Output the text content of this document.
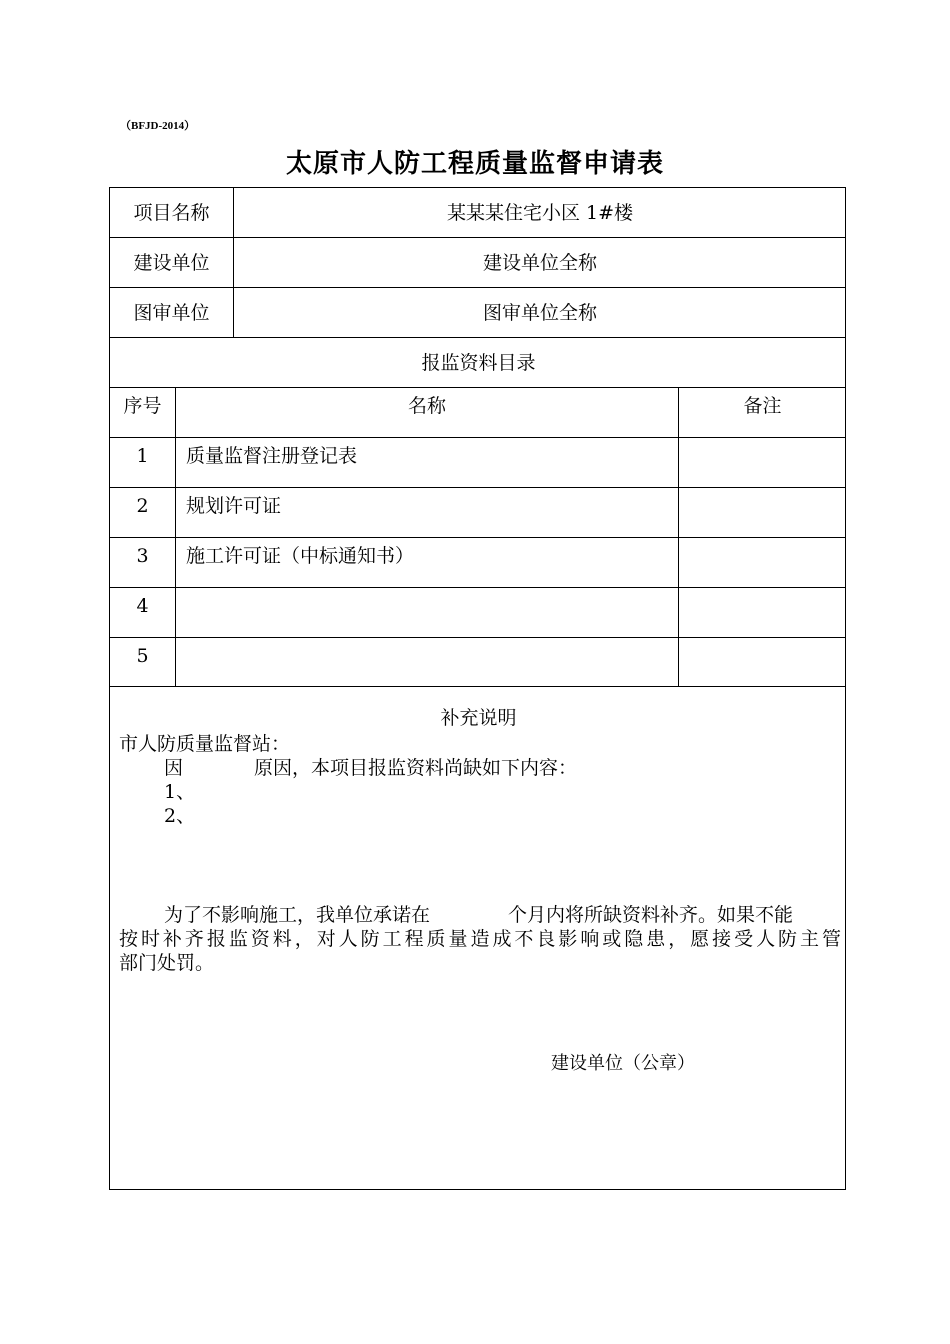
（BFJD-2014）
太原市人防工程质量监督申请表
项目名称	某某某住宅小区 1#楼
建设单位	建设单位全称
图审单位	图审单位全称
报监资料目录
序号	名称	备注
1	质量监督注册登记表
2	规划许可证
3	施工许可证（中标通知书）
4
5
补充说明
市人防质量监督站：
因	原因，本项目报监资料尚缺如下内容：
1、
2、
为了不影响施工，我单位承诺在	个月内将所缺资料补齐。如果不能
按时补齐报监资料，对人防工程质量造成不良影响或隐患，愿接受人防主管
部门处罚。
建设单位（公章）
